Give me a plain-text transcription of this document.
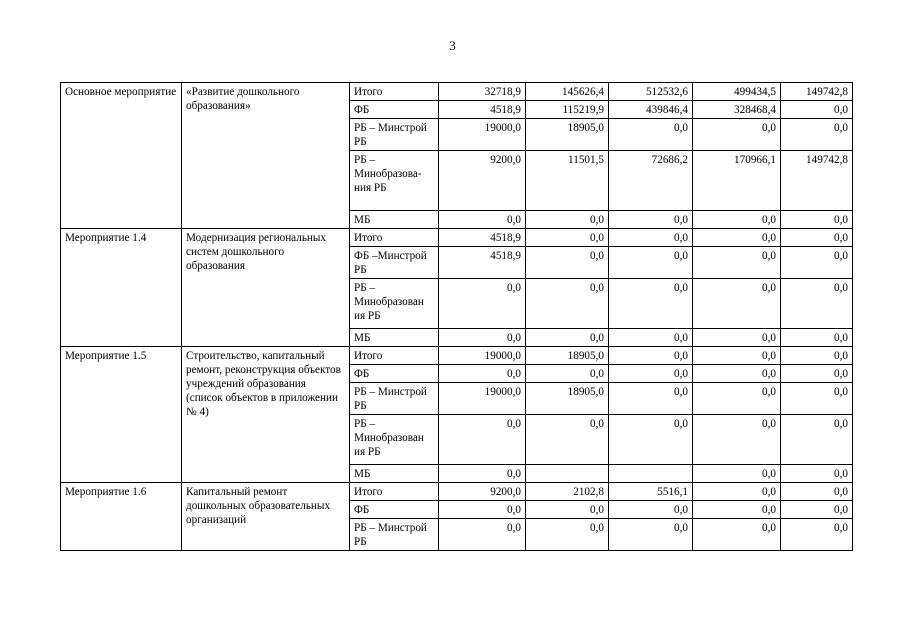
3
Основное мероприятие	«Развитие дошкольного образования»	Итого	32718,9	145626,4	512532,6	499434,5	149742,8
		ФБ	4518,9	115219,9	439846,4	328468,4	0,0
		РБ – Минстрой РБ	19000,0	18905,0	0,0	0,0	0,0
		РБ – Минобразова-ния РБ	9200,0	11501,5	72686,2	170966,1	149742,8
		МБ	0,0	0,0	0,0	0,0	0,0
Мероприятие 1.4	Модернизация региональных систем дошкольного образования	Итого	4518,9	0,0	0,0	0,0	0,0
		ФБ –Минстрой РБ	4518,9	0,0	0,0	0,0	0,0
		РБ – Минобразован ия РБ	0,0	0,0	0,0	0,0	0,0
		МБ	0,0	0,0	0,0	0,0	0,0
Мероприятие 1.5	Строительство, капитальный ремонт, реконструкция объектов учреждений образования (список объектов в приложении № 4)	Итого	19000,0	18905,0	0,0	0,0	0,0
		ФБ	0,0	0,0	0,0	0,0	0,0
		РБ – Минстрой РБ	19000,0	18905,0	0,0	0,0	0,0
		РБ – Минобразован ия РБ	0,0	0,0	0,0	0,0	0,0
		МБ	0,0			0,0	0,0
Мероприятие 1.6	Капитальный ремонт дошкольных образовательных организаций	Итого	9200,0	2102,8	5516,1	0,0	0,0
		ФБ	0,0	0,0	0,0	0,0	0,0
		РБ – Минстрой РБ	0,0	0,0	0,0	0,0	0,0
